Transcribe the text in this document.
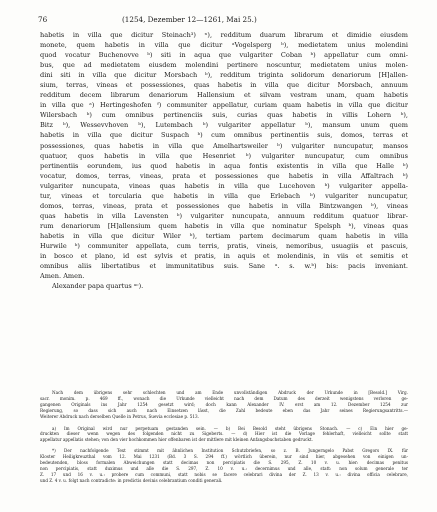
76	(1254, Dezember 12—1261, Mai 25.)
habetis in villa que dicitur Steinach³) ⁿ), redditum duarum librarum et dimidie eiusdem
monete, quem habetis in villa que dicitur ᵃVogelsperg ᵇ), medietatem unius molendini
quod vocatur Buchenovve ᵇ) siti in aqua que vulgariter Coban ᵇ) appellatur cum omni-
bus, que ad medietatem eiusdem molendini pertinere noscuntur, medietatem unius molen-
dini siti in villa que dicitur Morsbach ᵇ), redditum triginta solidorum denariorum [H]allen-
sium, terras, vineas et possessiones, quas habetis in villa que dicitur Morsbach, annuum
redditum decem librarum denariorum Hallensium et silvam vestram unam, quam habetis
in villa que ᵃ) Hertingeshofen ᶠ) communiter appellatur, curiam quam habetis in villa que dicitur
Wilersbach ᵇ) cum omnibus pertinenciis suis, curias quas habetis in villis Lohern ᵇ),
Bitz ᵇ), Wessevvhoven ᵇ), Lutembach ᵇ) vulgariter appellatur ᵇ), mansum unum quem
habetis in villa que dicitur Suspach ᵇ) cum omnibus pertinentiis suis, domos, terras et
possessiones, quas habetis in villa que Amelhartsweiler ᵇ) vulgariter nuncupatur, mansos
quatuor, quos habetis in villa que Hesenriet ᵇ) vulgariter nuncupatur, cum omnibus
pertinentiis eorundem, ius quod habetis in aqua fontis existentis in villa que Halle ᵇ)
vocatur, domos, terras, vineas, prata et possessiones que habetis in villa Affaltrach ᵇ)
vulgariter nuncupata, vineas quas habetis in villa que Lucehoven ᵇ) vulgariter appella-
tur, vineas et torcularia que habetis in villa que Erlebach ᵇ) vulgariter nuncupatur,
domos, terras, vineas, prata et possessiones que habetis in villa Bintzwangen ᵇ), vineas
quas habetis in villa Lavensten ᵇ) vulgariter nuncupata, annuum redditum quatuor librar-
rum denariorum [H]allensium quem habetis in villa que nominatur Spelsph ᵇ), vineas quas
habetis in villa que dicitur Wiler ᵇ), tertiam partem decimarum quam habetis in villa
Hurwile ᵇ) communiter appellata, cum terris, pratis, vineis, nemoribus, usuagiis et pascuis,
in bosco et plano, id est sylvis et pratis, in aquis et molendinis, in viis et semitis et
omnibus aliis libertatibus et immunitatibus suis. Sane ᵃ. s. w.ᵇ) bis: pacis inveniant.
Amen. Amen.
Alexander papa quartus ᵃᶜ).
Nach dem übrigens sehr schlechten und am Ende unvollständigen Abdruck der Urkunde in [Besold.] Virg.
sacr. monim. p. 469 ff., wonach die Urkunde vielleicht nach dem Datum des derzeit wenigstens verloren ge-
gangenen Originals ins Jahr 1254 gesetzt wird; doch kann Alexander IV. erst am 12. Dezember 1254 zur
Regierung, so dass sich auch nach Einsetzen lässt, die Zahl bedeute eben das Jahr seines Regierungsantritts.—
Weiterer Abdruck nach derselben Quelle in Petrus, Suevia ecclesiae p. 513.
a) Im Original wird nur perpetuam gestanden sein. — b) Bei Besold steht übrigens Stonach. — c) Ein hier ge-
druckten dieser wenn wegen des folgenden nicht zu Sigeberts. — d) Hier ist die Vorlage fehlerhaft, vielleicht sollte statt
appellatur appellatis stehen; von den vier hochkommen hier offenbaren ist der mittlere mit kleinen Anfangsbuchstaben gedruckt.
*) Der nachfolgende Text stimmt mit ähnlichen Institution Schutzbriefen, so z. B. Jungerngelo Pabst Gregors IX. für
Kloster Heiligkreuzthal vom 12. Mai 1231 (Bd. 3 S. 294 ff.) wörtlich überein, nur sind hier, abgesehen von einigen un-
bedeutenden, bloss formalen Abweichungen statt decimas non percipiatis die S. 295, Z. 10 v. u. hier: decimas penitus
non percipiatis, statt duximus und alle die S. 297, Z. 10 v. u.: decernimus und alle, statt: non solum generale ter
Z. 17 und 16 v. u.: probere cum communi, statt nobis se facere celebrari divina der Z. 13 v. u.: divina officia celebrare,
und Z. 4 v. u. folgt nach contradicte: in predictis devinis celebrantium conditi generali.
